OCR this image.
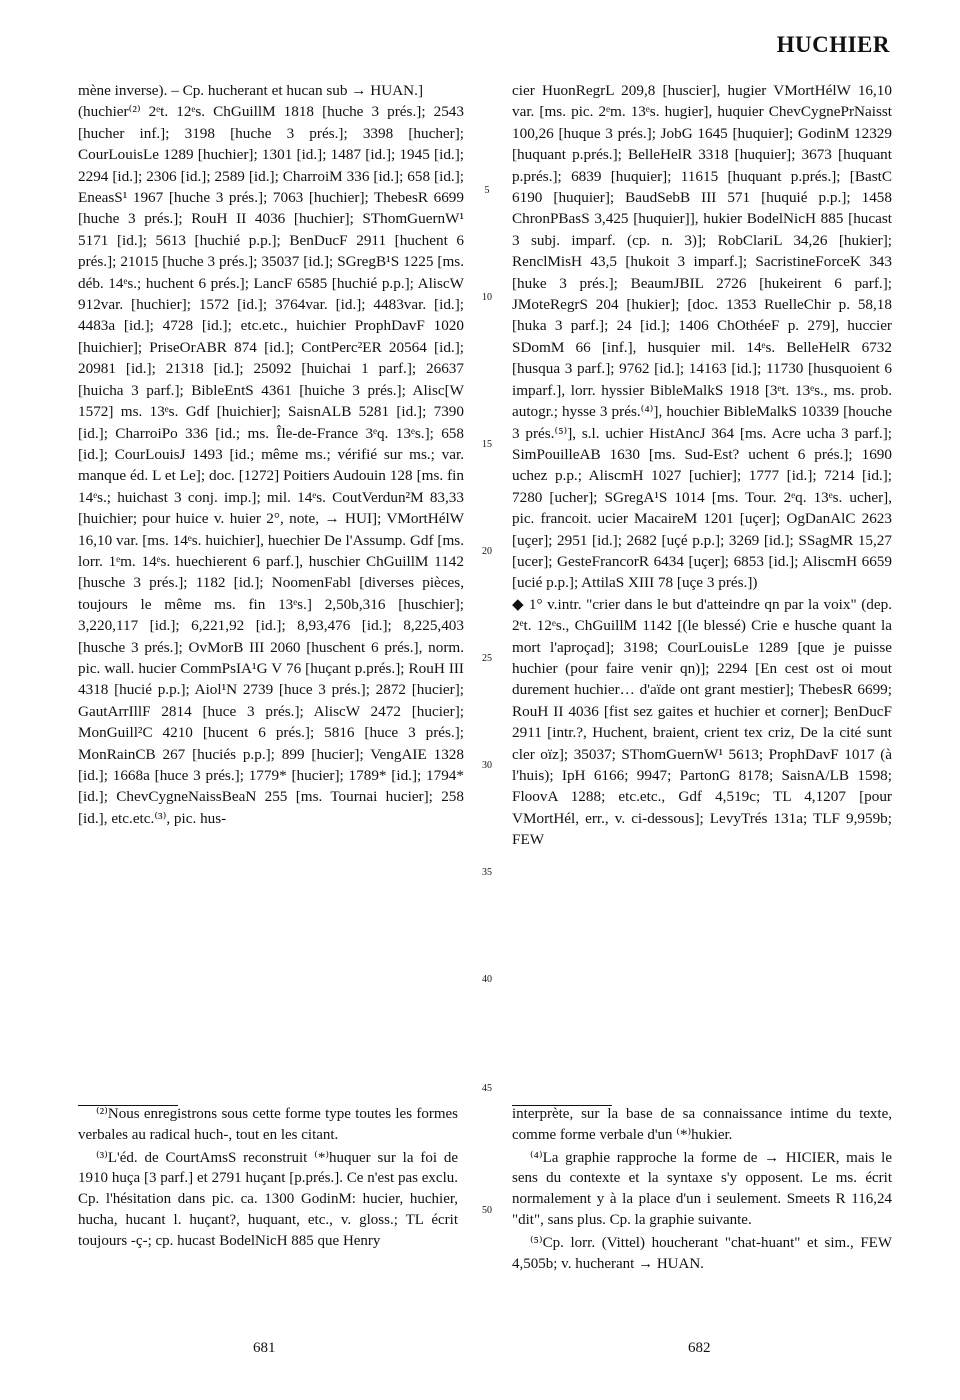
HUCHIER

mène inverse). – Cp. hucherant et hucan sub → HUAN.]

(huchier⁽²⁾ 2ᵉt. 12ᵉs. ChGuillM 1818 [huche 3 prés.]; 2543 [hucher inf.]; 3198 [huche 3 prés.]; 3398 [hucher]; CourLouisLe 1289 [huchier]; 1301 [id.]; 1487 [id.]; 1945 [id.]; 2294 [id.]; 2306 [id.]; 2589 [id.]; CharroiM 336 [id.]; 658 [id.]; EneasS¹ 1967 [huche 3 prés.]; 7063 [huchier]; ThebesR 6699 [huche 3 prés.]; RouH II 4036 [huchier]; SThomGuernW¹ 5171 [id.]; 5613 [huchié p.p.]; BenDucF 2911 [huchent 6 prés.]; 21015 [huche 3 prés.]; 35037 [id.]; SGregB¹S 1225 [ms. déb. 14ᵉs.; huchent 6 prés.]; LancF 6585 [huchié p.p.]; AliscW 912var. [huchier]; 1572 [id.]; 3764var. [id.]; 4483var. [id.]; 4483a [id.]; 4728 [id.]; etc.etc., huichier ProphDavF 1020 [huichier]; PriseOrABR 874 [id.]; ContPerc²ER 20564 [id.]; 20981 [id.]; 21318 [id.]; 25092 [huichai 1 parf.]; 26637 [huicha 3 parf.]; BibleEntS 4361 [huiche 3 prés.]; Alisc[W 1572] ms. 13ᵉs. Gdf [huichier]; SaisnALB 5281 [id.]; 7390 [id.]; CharroiPo 336 [id.; ms. Île-de-France 3ᵉq. 13ᵉs.]; 658 [id.]; CourLouisJ 1493 [id.; même ms.; vérifié sur ms.; var. manque éd. L et Le]; doc. [1272] Poitiers Audouin 128 [ms. fin 14ᵉs.; huichast 3 conj. imp.]; mil. 14ᵉs. CoutVerdun²M 83,33 [huichier; pour huice v. huier 2°, note, → HUI]; VMortHélW 16,10 var. [ms. 14ᵉs. huichier], huechier De l'Assump. Gdf [ms. lorr. 1ᵉm. 14ᵉs. huechierent 6 parf.], huschier ChGuillM 1142 [husche 3 prés.]; 1182 [id.]; NoomenFabl [diverses pièces, toujours le même ms. fin 13ᵉs.] 2,50b,316 [huschier]; 3,220,117 [id.]; 6,221,92 [id.]; 8,93,476 [id.]; 8,225,403 [husche 3 prés.]; OvMorB III 2060 [huschent 6 prés.], norm. pic. wall. hucier CommPsIA¹G V 76 [huçant p.prés.]; RouH III 4318 [hucié p.p.]; Aiol¹N 2739 [huce 3 prés.]; 2872 [hucier]; GautArrIllF 2814 [huce 3 prés.]; AliscW 2472 [hucier]; MonGuill²C 4210 [hucent 6 prés.]; 5816 [huce 3 prés.]; MonRainCB 267 [huciés p.p.]; 899 [hucier]; VengAIE 1328 [id.]; 1668a [huce 3 prés.]; 1779* [hucier]; 1789* [id.]; 1794* [id.]; ChevCygneNaissBeaN 255 [ms. Tournai hucier]; 258 [id.], etc.etc.⁽³⁾, pic. hus-

5
10
15
20
25
30
35
40
45
50

cier HuonRegrL 209,8 [huscier], hugier VMortHélW 16,10 var. [ms. pic. 2ᵉm. 13ᵉs. hugier], huquier ChevCygnePrNaisst 100,26 [huque 3 prés.]; JobG 1645 [huquier]; GodinM 12329 [huquant p.prés.]; BelleHelR 3318 [huquier]; 3673 [huquant p.prés.]; 6839 [huquier]; 11615 [huquant p.prés.]; [BastC 6190 [huquier]; BaudSebB III 571 [huquié p.p.]; 1458 ChronPBasS 3,425 [huquier]], hukier BodelNicH 885 [hucast 3 subj. imparf. (cp. n. 3)]; RobClariL 34,26 [hukier]; RenclMisH 43,5 [hukoit 3 imparf.]; SacristineForceK 343 [huke 3 prés.]; BeaumJBIL 2726 [hukeirent 6 parf.]; JMoteRegrS 204 [hukier]; [doc. 1353 RuelleChir p. 58,18 [huka 3 parf.]; 24 [id.]; 1406 ChOthéeF p. 279], huccier SDomM 66 [inf.], husquier mil. 14ᵉs. BelleHelR 6732 [husqua 3 parf.]; 9762 [id.]; 14163 [id.]; 11730 [husquoient 6 imparf.], lorr. hyssier BibleMalkS 1918 [3ᵉt. 13ᵉs., ms. prob. autogr.; hysse 3 prés.⁽⁴⁾], houchier BibleMalkS 10339 [houche 3 prés.⁽⁵⁾], s.l. uchier HistAncJ 364 [ms. Acre ucha 3 parf.]; SimPouilleAB 1630 [ms. Sud-Est? uchent 6 prés.]; 1690 uchez p.p.; AliscmH 1027 [uchier]; 1777 [id.]; 7214 [id.]; 7280 [ucher]; SGregA¹S 1014 [ms. Tour. 2ᵉq. 13ᵉs. ucher], pic. francoit. ucier MacaireM 1201 [uçer]; OgDanAlC 2623 [uçer]; 2951 [id.]; 2682 [uçé p.p.]; 3269 [id.]; SSagMR 15,27 [ucer]; GesteFrancorR 6434 [uçer]; 6853 [id.]; AliscmH 6659 [ucié p.p.]; AttilaS XIII 78 [uçe 3 prés.])

◆ 1° v.intr. "crier dans le but d'atteindre qn par la voix" (dep. 2ᵉt. 12ᵉs., ChGuillM 1142 [(le blessé) Crie e husche quant la mort l'aproçad]; 3198; CourLouisLe 1289 [que je puisse huchier (pour faire venir qn)]; 2294 [En cest ost oi mout durement huchier… d'aïde ont grant mestier]; ThebesR 6699; RouH II 4036 [fist sez gaites et huchier et corner]; BenDucF 2911 [intr.?, Huchent, braient, crient tex criz, De la cité sunt cler oïz]; 35037; SThomGuernW¹ 5613; ProphDavF 1017 (à l'huis); IpH 6166; 9947; PartonG 8178; SaisnA/LB 1598; FloovA 1288; etc.etc., Gdf 4,519c; TL 4,1207 [pour VMortHél, err., v. ci-dessous]; LevyTrés 131a; TLF 9,959b; FEW

⁽²⁾Nous enregistrons sous cette forme type toutes les formes verbales au radical huch-, tout en les citant.

⁽³⁾L'éd. de CourtAmsS reconstruit ⁽*⁾huquer sur la foi de 1910 huça [3 parf.] et 2791 huçant [p.prés.]. Ce n'est pas exclu. Cp. l'hésitation dans pic. ca. 1300 GodinM: hucier, huchier, hucha, hucant l. huçant?, huquant, etc., v. gloss.; TL écrit toujours -ç-; cp. hucast BodelNicH 885 que Henry

interprète, sur la base de sa connaissance intime du texte, comme forme verbale d'un ⁽*⁾hukier.

⁽⁴⁾La graphie rapproche la forme de → HICIER, mais le sens du contexte et la syntaxe s'y opposent. Le ms. écrit normalement y à la place d'un i seulement. Smeets R 116,24 "dit", sans plus. Cp. la graphie suivante.

⁽⁵⁾Cp. lorr. (Vittel) houcherant "chat-huant" et sim., FEW 4,505b; v. hucherant → HUAN.

681	682
